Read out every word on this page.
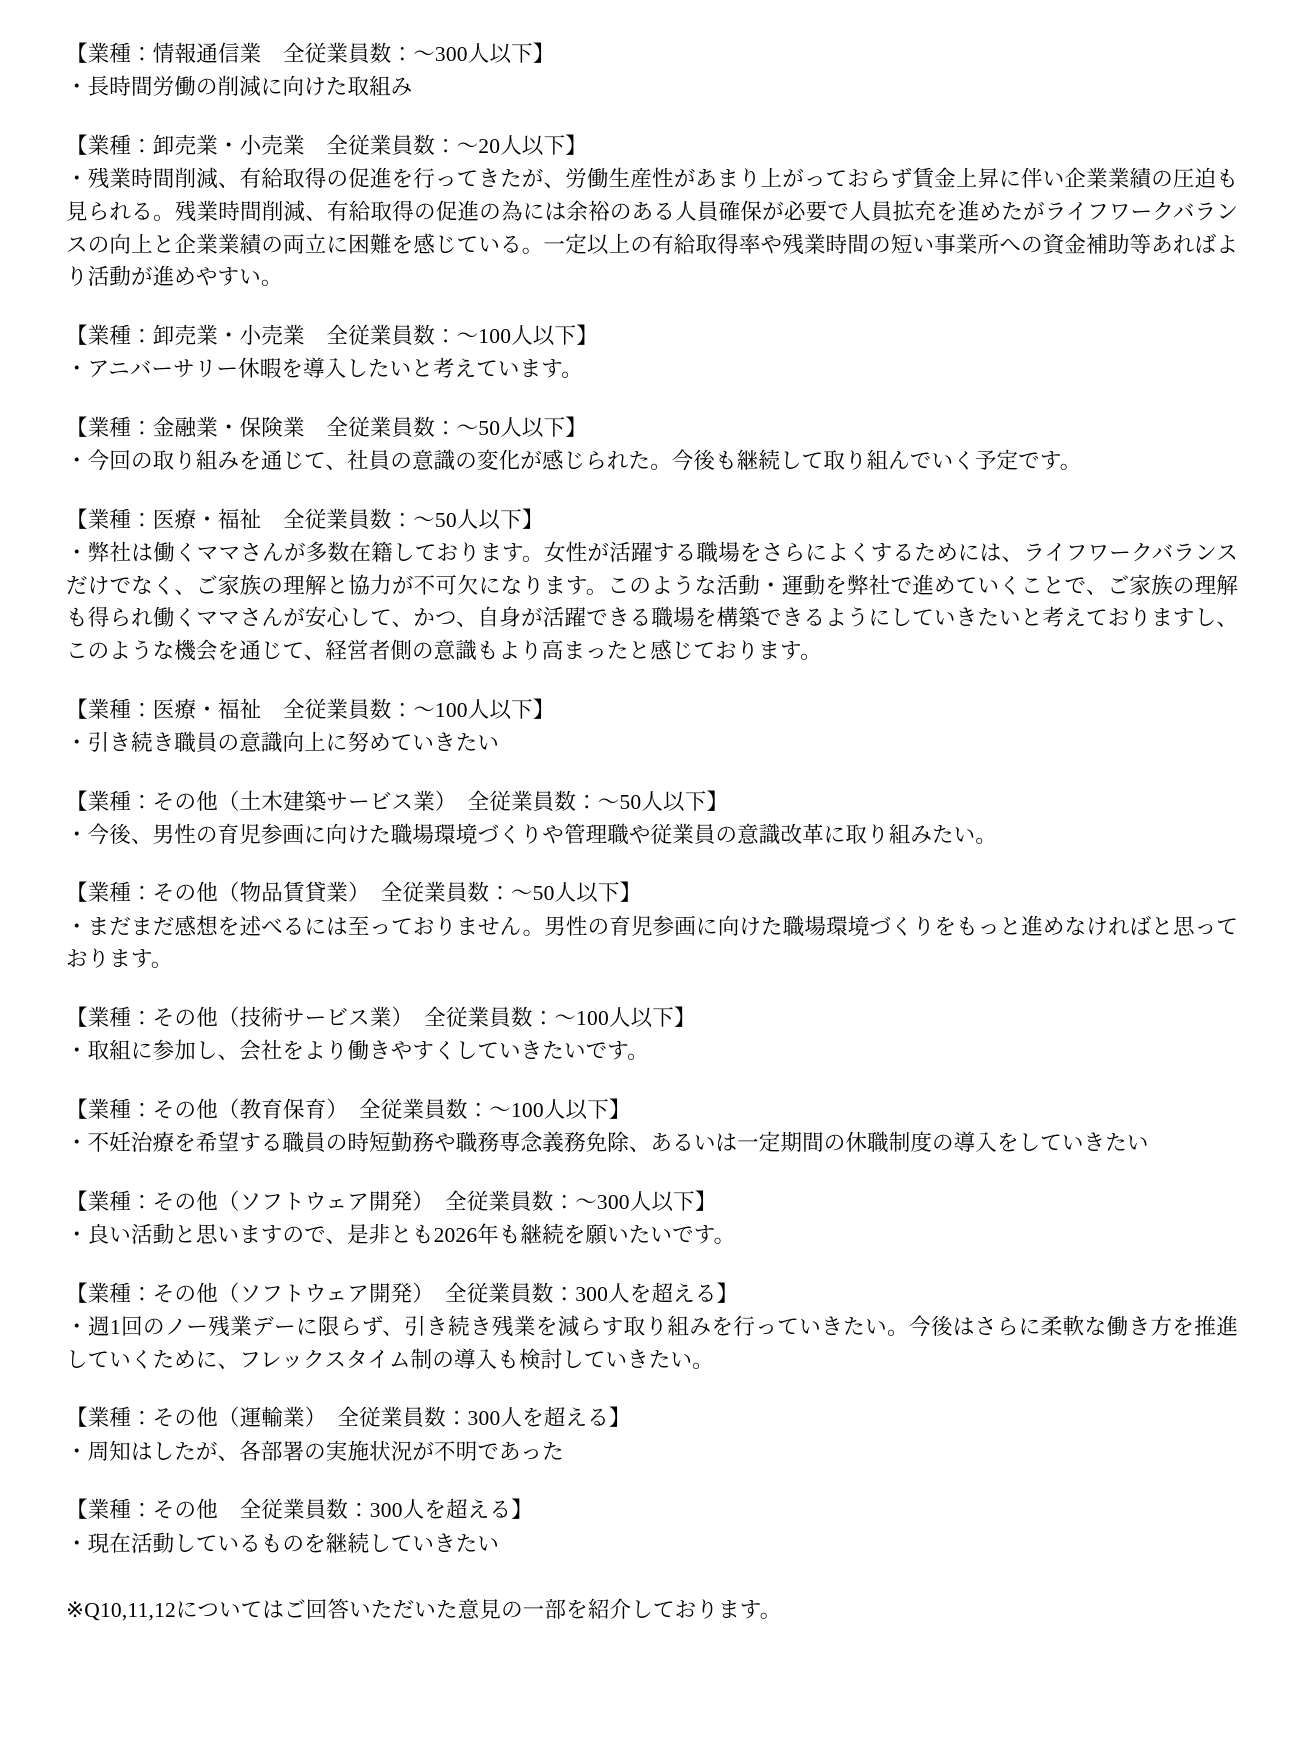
【業種：情報通信業　全従業員数：～300人以下】
・長時間労働の削減に向けた取組み
【業種：卸売業・小売業　全従業員数：～20人以下】
・残業時間削減、有給取得の促進を行ってきたが、労働生産性があまり上がっておらず賃金上昇に伴い企業業績の圧迫も見られる。残業時間削減、有給取得の促進の為には余裕のある人員確保が必要で人員拡充を進めたがライフワークバランスの向上と企業業績の両立に困難を感じている。一定以上の有給取得率や残業時間の短い事業所への資金補助等あればより活動が進めやすい。
【業種：卸売業・小売業　全従業員数：～100人以下】
・アニバーサリー休暇を導入したいと考えています。
【業種：金融業・保険業　全従業員数：～50人以下】
・今回の取り組みを通じて、社員の意識の変化が感じられた。今後も継続して取り組んでいく予定です。
【業種：医療・福祉　全従業員数：～50人以下】
・弊社は働くママさんが多数在籍しております。女性が活躍する職場をさらによくするためには、ライフワークバランスだけでなく、ご家族の理解と協力が不可欠になります。このような活動・運動を弊社で進めていくことで、ご家族の理解も得られ働くママさんが安心して、かつ、自身が活躍できる職場を構築できるようにしていきたいと考えておりますし、このような機会を通じて、経営者側の意識もより高まったと感じております。
【業種：医療・福祉　全従業員数：～100人以下】
・引き続き職員の意識向上に努めていきたい
【業種：その他（土木建築サービス業）　全従業員数：～50人以下】
・今後、男性の育児参画に向けた職場環境づくりや管理職や従業員の意識改革に取り組みたい。
【業種：その他（物品賃貸業）　全従業員数：～50人以下】
・まだまだ感想を述べるには至っておりません。男性の育児参画に向けた職場環境づくりをもっと進めなければと思っております。
【業種：その他（技術サービス業）　全従業員数：～100人以下】
・取組に参加し、会社をより働きやすくしていきたいです。
【業種：その他（教育保育）　全従業員数：～100人以下】
・不妊治療を希望する職員の時短勤務や職務専念義務免除、あるいは一定期間の休職制度の導入をしていきたい
【業種：その他（ソフトウェア開発）　全従業員数：～300人以下】
・良い活動と思いますので、是非とも2026年も継続を願いたいです。
【業種：その他（ソフトウェア開発）　全従業員数：300人を超える】
・週1回のノー残業デーに限らず、引き続き残業を減らす取り組みを行っていきたい。今後はさらに柔軟な働き方を推進していくために、フレックスタイム制の導入も検討していきたい。
【業種：その他（運輸業）　全従業員数：300人を超える】
・周知はしたが、各部署の実施状況が不明であった
【業種：その他　全従業員数：300人を超える】
・現在活動しているものを継続していきたい
※Q10,11,12についてはご回答いただいた意見の一部を紹介しております。
